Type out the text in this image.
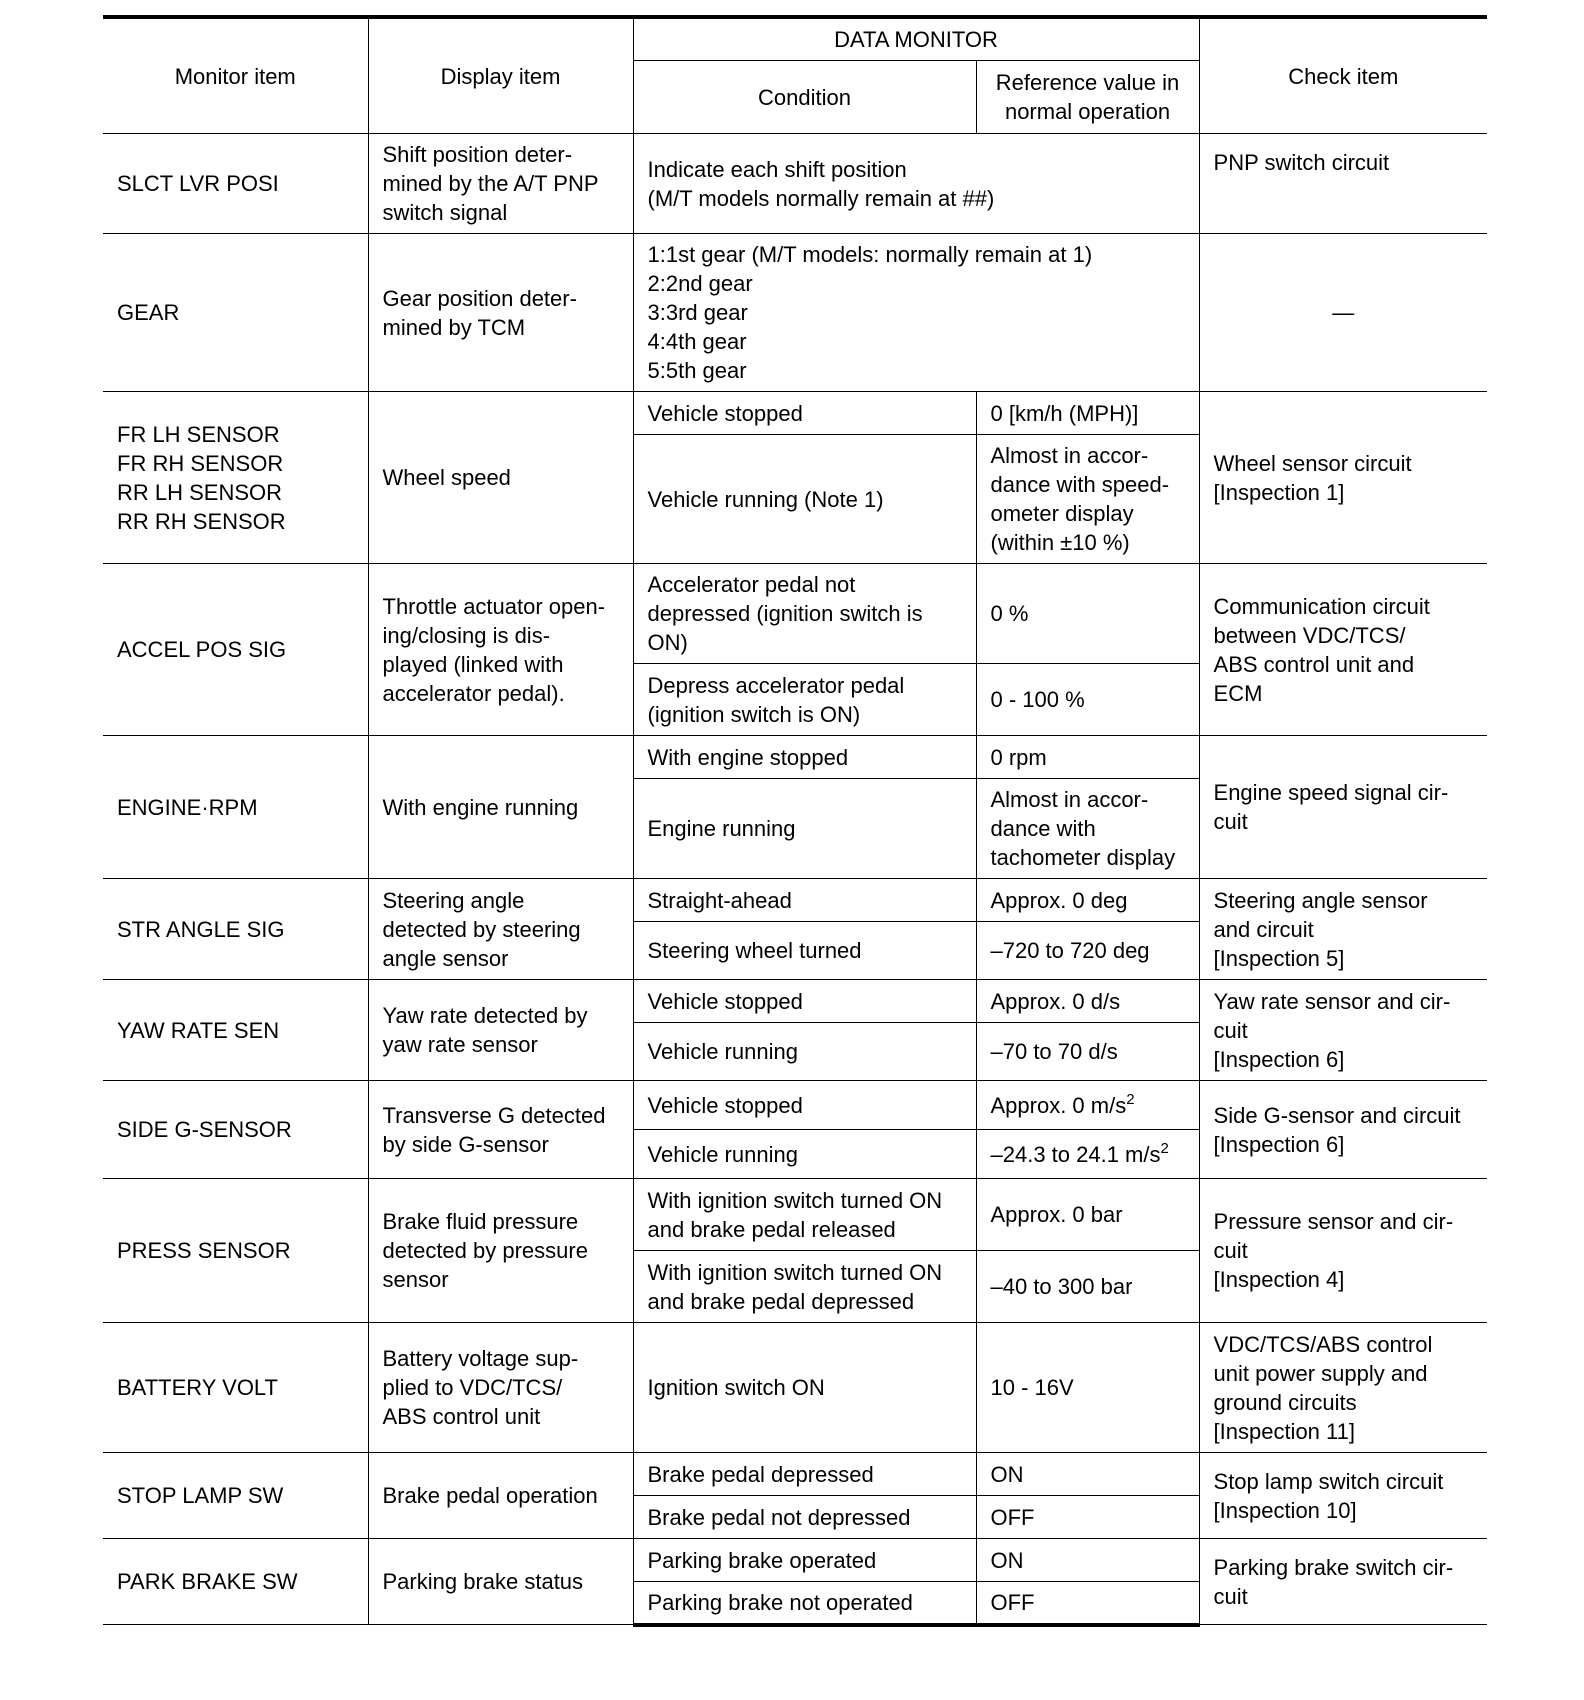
Monitor item	Display item	DATA MONITOR		Check item
		Condition	Reference value in
normal operation	
SLCT LVR POSI	Shift position deter-
mined by the A/T PNP
switch signal	Indicate each shift position
(M/T models normally remain at ##)		PNP switch circuit
GEAR	Gear position deter-
mined by TCM	1:1st gear (M/T models: normally remain at 1)
2:2nd gear
3:3rd gear
4:4th gear
5:5th gear		—
FR LH SENSOR
FR RH SENSOR
RR LH SENSOR
RR RH SENSOR	Wheel speed	Vehicle stopped	0 [km/h (MPH)]	Wheel sensor circuit
[Inspection 1]
		Vehicle running (Note 1)	Almost in accor-
dance with speed-
ometer display
(within ±10 %)	
ACCEL POS SIG	Throttle actuator open-
ing/closing is dis-
played (linked with
accelerator pedal).	Accelerator pedal not
depressed (ignition switch is
ON)	0 %	Communication circuit
between VDC/TCS/
ABS control unit and
ECM
		Depress accelerator pedal
(ignition switch is ON)	0 - 100 %	
ENGINE·RPM	With engine running	With engine stopped	0 rpm	Engine speed signal cir-
cuit
		Engine running	Almost in accor-
dance with
tachometer display	
STR ANGLE SIG	Steering angle
detected by steering
angle sensor	Straight-ahead	Approx. 0 deg	Steering angle sensor
and circuit
[Inspection 5]
		Steering wheel turned	–720 to 720 deg	
YAW RATE SEN	Yaw rate detected by
yaw rate sensor	Vehicle stopped	Approx. 0 d/s	Yaw rate sensor and cir-
cuit
[Inspection 6]
		Vehicle running	–70 to 70 d/s	
SIDE G-SENSOR	Transverse G detected
by side G-sensor	Vehicle stopped	Approx. 0 $m/s^2$	Side G-sensor and circuit
[Inspection 6]
		Vehicle running	–24.3 to 24.1 $m/s^2$
PRESS SENSOR	Brake fluid pressure
detected by pressure
sensor	With ignition switch turned ON
and brake pedal released	Approx. 0 bar	Pressure sensor and cir-
cuit
[Inspection 4]
		With ignition switch turned ON
and brake pedal depressed	–40 to 300 bar	
BATTERY VOLT	Battery voltage sup-
plied to VDC/TCS/
ABS control unit	Ignition switch ON	10 - 16V	VDC/TCS/ABS control
unit power supply and
ground circuits
[Inspection 11]
STOP LAMP SW	Brake pedal operation	Brake pedal depressed	ON	Stop lamp switch circuit
[Inspection 10]
		Brake pedal not depressed	OFF	
PARK BRAKE SW	Parking brake status	Parking brake operated	ON	Parking brake switch cir-
cuit
		Parking brake not operated	OFF	
